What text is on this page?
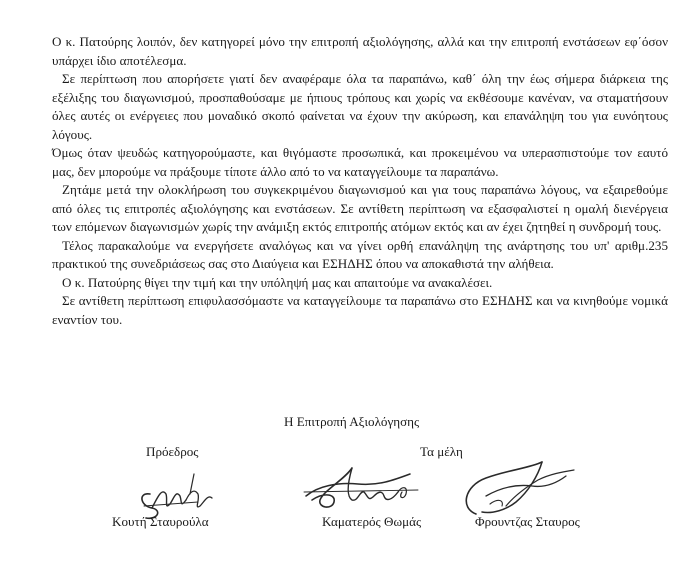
Ο κ. Πατούρης λοιπόν, δεν κατηγορεί μόνο την επιτροπή αξιολόγησης, αλλά και την επιτροπή ενστάσεων εφ΄όσον υπάρχει ίδιο αποτέλεσμα.

Σε περίπτωση που απορήσετε γιατί δεν αναφέραμε όλα τα παραπάνω, καθ΄ όλη την έως σήμερα διάρκεια της εξέλιξης του διαγωνισμού, προσπαθούσαμε με ήπιους τρόπους και χωρίς να εκθέσουμε κανέναν, να σταματήσουν όλες αυτές οι ενέργειες που μοναδικό σκοπό φαίνεται να έχουν την ακύρωση, και επανάληψη του για ευνόητους λόγους.

Όμως όταν ψευδώς κατηγορούμαστε, και θιγόμαστε προσωπικά, και προκειμένου να υπερασπιστούμε τον εαυτό μας, δεν μπορούμε να πράξουμε τίποτε άλλο από το να καταγγείλουμε τα παραπάνω.

Ζητάμε μετά την ολοκλήρωση του συγκεκριμένου διαγωνισμού και για τους παραπάνω λόγους, να εξαιρεθούμε από όλες τις επιτροπές αξιολόγησης και ενστάσεων. Σε αντίθετη περίπτωση να εξασφαλιστεί η ομαλή διενέργεια των επόμενων διαγωνισμών χωρίς την ανάμιξη εκτός επιτροπής ατόμων εκτός και αν έχει ζητηθεί η συνδρομή τους.

Τέλος παρακαλούμε να ενεργήσετε αναλόγως και να γίνει ορθή επανάληψη της ανάρτησης του υπ' αριθμ.235 πρακτικού της συνεδριάσεως σας στο Διαύγεια και ΕΣΗΔΗΣ όπου να αποκαθιστά την αλήθεια.

Ο κ. Πατούρης θίγει την τιμή και την υπόληψή μας και απαιτούμε να ανακαλέσει.

Σε αντίθετη περίπτωση επιφυλασσόμαστε να καταγγείλουμε τα παραπάνω στο ΕΣΗΔΗΣ και να κινηθούμε νομικά εναντίον του.

Η Επιτροπή Αξιολόγησης

Πρόεδρος	Τα μέλη

Κουτή Σταυρούλα	Καματερός Θωμάς	Φρουντζας Σταυρος
